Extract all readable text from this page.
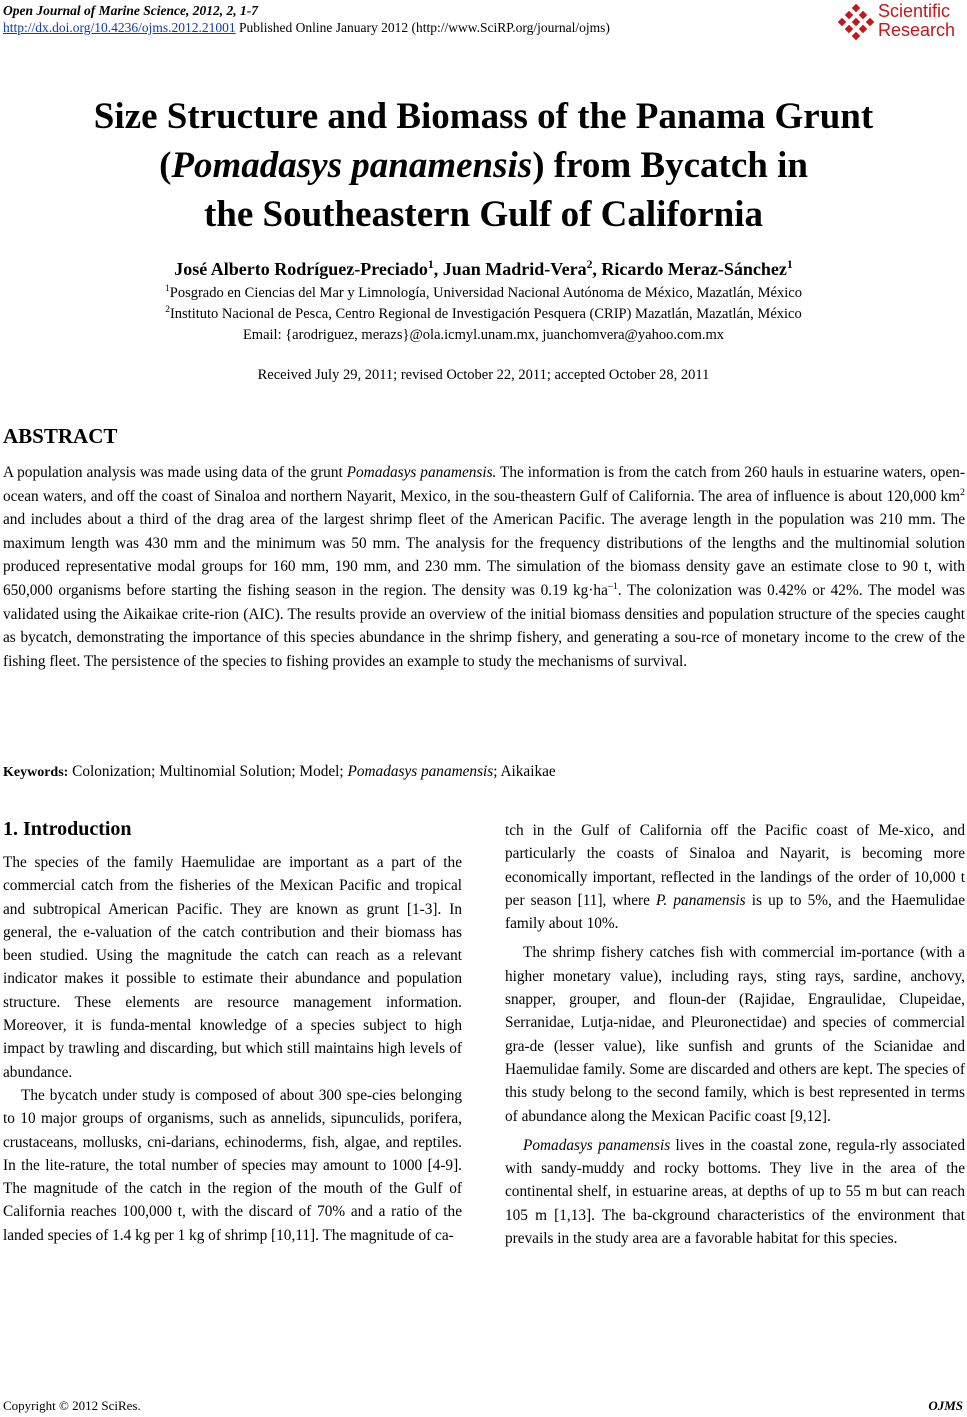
Open Journal of Marine Science, 2012, 2, 1-7
http://dx.doi.org/10.4236/ojms.2012.21001 Published Online January 2012 (http://www.SciRP.org/journal/ojms)
Scientific
Research
Size Structure and Biomass of the Panama Grunt
(Pomadasys panamensis) from Bycatch in
the Southeastern Gulf of California
José Alberto Rodríguez-Preciado$^1$, Juan Madrid-Vera$^2$, Ricardo Meraz-Sánchez$^1$
$^1$Posgrado en Ciencias del Mar y Limnología, Universidad Nacional Autónoma de México, Mazatlán, México
$^2$Instituto Nacional de Pesca, Centro Regional de Investigación Pesquera (CRIP) Mazatlán, Mazatlán, México
Email: {arodriguez, merazs}@ola.icmyl.unam.mx, juanchomvera@yahoo.com.mx
Received July 29, 2011; revised October 22, 2011; accepted October 28, 2011
ABSTRACT
A population analysis was made using data of the grunt Pomadasys panamensis. The information is from the catch from 260 hauls in estuarine waters, open-ocean waters, and off the coast of Sinaloa and northern Nayarit, Mexico, in the sou-theastern Gulf of California. The area of influence is about 120,000 $km^2$ and includes about a third of the drag area of the largest shrimp fleet of the American Pacific. The average length in the population was 210 mm. The maximum length was 430 mm and the minimum was 50 mm. The analysis for the frequency distributions of the lengths and the multinomial solution produced representative modal groups for 160 mm, 190 mm, and 230 mm. The simulation of the biomass density gave an estimate close to 90 t, with 650,000 organisms before starting the fishing season in the region. The density was 0.19 $kg\cdot ha^{-1}$. The colonization was 0.42% or 42%. The model was validated using the Aikaikae crite-rion (AIC). The results provide an overview of the initial biomass densities and population structure of the species caught as bycatch, demonstrating the importance of this species abundance in the shrimp fishery, and generating a sou-rce of monetary income to the crew of the fishing fleet. The persistence of the species to fishing provides an example to study the mechanisms of survival.
Keywords: Colonization; Multinomial Solution; Model; Pomadasys panamensis; Aikaikae
1. Introduction

The species of the family Haemulidae are important as a part of the commercial catch from the fisheries of the Mexican Pacific and tropical and subtropical American Pacific. They are known as grunt [1-3]. In general, the e-valuation of the catch contribution and their biomass has been studied. Using the magnitude the catch can reach as a relevant indicator makes it possible to estimate their abundance and population structure. These elements are resource management information. Moreover, it is funda-mental knowledge of a species subject to high impact by trawling and discarding, but which still maintains high levels of abundance.

The bycatch under study is composed of about 300 spe-cies belonging to 10 major groups of organisms, such as annelids, sipunculids, porifera, crustaceans, mollusks, cni-darians, echinoderms, fish, algae, and reptiles. In the lite-rature, the total number of species may amount to 1000 [4-9]. The magnitude of the catch in the region of the mouth of the Gulf of California reaches 100,000 t, with the discard of 70% and a ratio of the landed species of 1.4 kg per 1 kg of shrimp [10,11]. The magnitude of ca-

tch in the Gulf of California off the Pacific coast of Me-xico, and particularly the coasts of Sinaloa and Nayarit, is becoming more economically important, reflected in the landings of the order of 10,000 t per season [11], where P. panamensis is up to 5%, and the Haemulidae family about 10%.

The shrimp fishery catches fish with commercial im-portance (with a higher monetary value), including rays, sting rays, sardine, anchovy, snapper, grouper, and floun-der (Rajidae, Engraulidae, Clupeidae, Serranidae, Lutja-nidae, and Pleuronectidae) and species of commercial gra-de (lesser value), like sunfish and grunts of the Scianidae and Haemulidae family. Some are discarded and others are kept. The species of this study belong to the second family, which is best represented in terms of abundance along the Mexican Pacific coast [9,12].

Pomadasys panamensis lives in the coastal zone, regula-rly associated with sandy-muddy and rocky bottoms. They live in the area of the continental shelf, in estuarine areas, at depths of up to 55 m but can reach 105 m [1,13]. The ba-ckground characteristics of the environment that prevails in the study area are a favorable habitat for this species.

Copyright © 2012 SciRes.	OJMS
